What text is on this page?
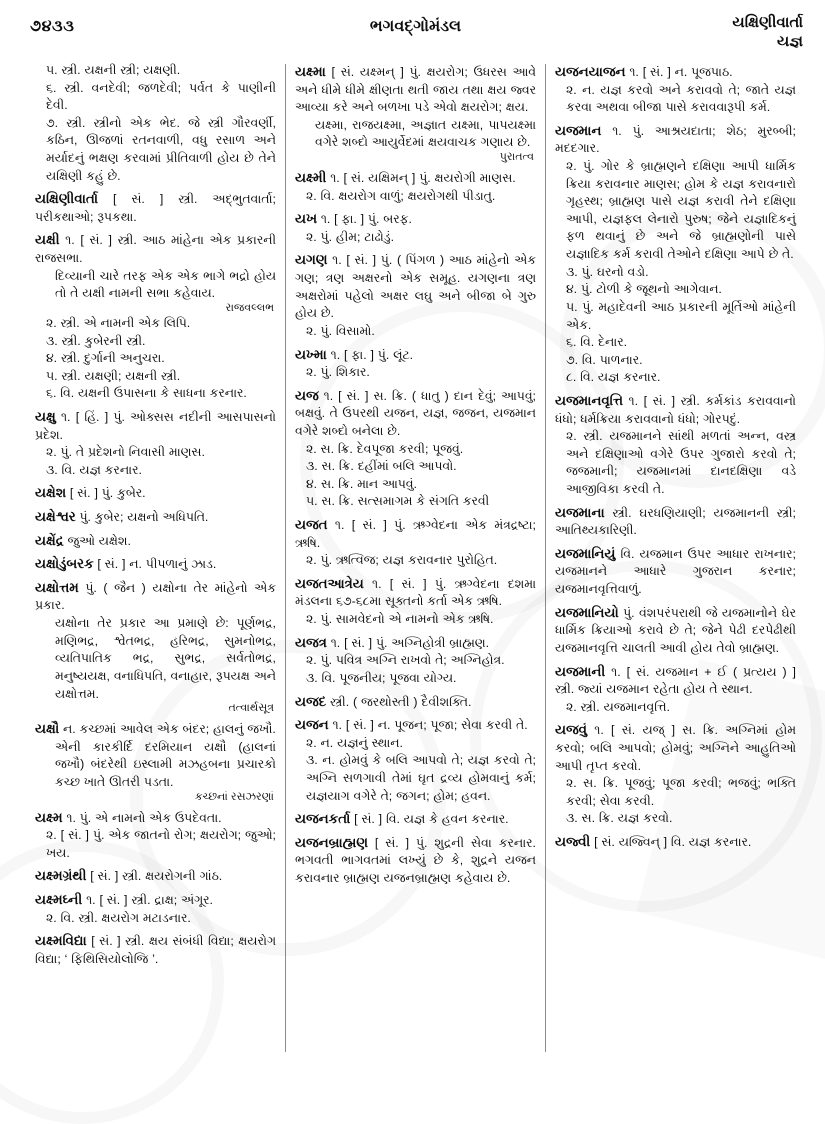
૭૪૩૩	ભગવદ્ગોમંડલ	યક્ષિણીવાર્તા
યજ્ઞ

૫. સ્ત્રી. યક્ષની સ્ત્રી; યક્ષણી.

૬. સ્ત્રી. વનદેવી; જળદેવી; પર્વત કે પાણીની દેવી.

૭. સ્ત્રી. સ્ત્રીનો એક ભેદ. જે સ્ત્રી ગૌરવર્ણી, કઠિન, ઊજળાં રતનવાળી, વધુ રસાળ અને મર્યાદનું ભક્ષણ કરવામાં પ્રીતિવાળી હોય છે તેને યક્ષિણી કહું છે.

યક્ષિણીવાર્તા [ સં. ] સ્ત્રી. અદ્ભુતવાર્તા; પરીકથાઓ; રૂપકથા.

યક્ષી ૧. [ સં. ] સ્ત્રી. આઠ માંહેના એક પ્રકારની રાજસભા.

દિવ્યાની ચારે તરફ એક એક ભાગે ભદ્રો હોય તો તે યક્ષી નામની સભા કહેવાય.

રાજવલ્લભ

૨. સ્ત્રી. એ નામની એક લિપિ.

૩. સ્ત્રી. કુબેરની સ્ત્રી.

૪. સ્ત્રી. દુર્ગાની અનુચરા.

૫. સ્ત્રી. યક્ષણી; યક્ષની સ્ત્રી.

૬. વિ. યક્ષની ઉપાસના કે સાધના કરનાર.

યક્ષુ ૧. [ હિં. ] પું. ઓક્સસ નદીની આસપાસનો પ્રદેશ.

૨. પું. તે પ્રદેશનો નિવાસી માણસ.

૩. વિ. યજ્ઞ કરનાર.

યક્ષેશ [ સં. ] પું. કુબેર.

યક્ષેશ્વર પું. કુબેર; યક્ષનો અધિપતિ.

યક્ષેંદ્ર જુઓ યક્ષેશ.

યક્ષોડુંબરક [ સં. ] ન. પીપળાનું ઝાડ.

યક્ષોત્તમ પું. ( જૈન ) યક્ષોના તેર માંહેનો એક પ્રકાર.

યક્ષોના તેર પ્રકાર આ પ્રમાણે છે: પૂર્ણભદ્ર, મણિભદ્ર, શ્વેતભદ્ર, હરિભદ્ર, સુમનોભદ્ર, વ્યતિપાતિક ભદ્ર, સુભદ્ર, સર્વતોભદ્ર, મનુષ્યયક્ષ, વનાધિપતિ, વનાહાર, રૂપયક્ષ અને યક્ષોત્તમ.

તત્વાર્થસૂત્ર

યક્ષૌ ન. કચ્છમાં આવેલ એક બંદર; હાલનું જખૌ.

એની કારકીર્દિ દરમિયાન યક્ષૌ (હાલનાં જખૌ) બંદરેથી ઇસ્લામી મઝહબના પ્રચારકો કચ્છ ખાતે ઊતરી પડતા.

કચ્છનાં રસઝરણાં

યક્ષ્મ ૧. પું. એ નામનો એક ઉપદેવતા.

૨. [ સં. ] પું. એક જાતનો રોગ; ક્ષયરોગ; જુઓ; ખય.

યક્ષ્મગ્રંથી [ સં. ] સ્ત્રી. ક્ષયરોગની ગાંઠ.

યક્ષ્મઘ્ની ૧. [ સં. ] સ્ત્રી. દ્રાક્ષ; અંગૂર.

૨. વિ. સ્ત્રી. ક્ષયરોગ મટાડનાર.

યક્ષ્મવિદ્યા [ સં. ] સ્ત્રી. ક્ષય સંબંધી વિદ્યા; ક્ષયરોગ વિદ્યા; ‘ ફિથિસિયોલોજિ ’.

યક્ષ્મા [ સં. યક્ષ્મન્ ] પું. ક્ષયરોગ; ઉધરસ આવે અને ધીમે ધીમે ક્ષીણતા થતી જાય તથા ક્ષય જ્વર આવ્યા કરે અને બળખા પડે એવો ક્ષયરોગ; ક્ષય.

યક્ષ્મા, રાજયક્ષ્મા, અજ્ઞાત યક્ષ્મા, પાપયક્ષ્મા વગેરે શબ્દો આયુર્વેદમાં ક્ષયવાચક ગણાય છે.

પુરાતત્વ

યક્ષ્મી ૧. [ સં. યક્ષિમન્ ] પું. ક્ષયરોગી માણસ.

૨. વિ. ક્ષયરોગ વાળું; ક્ષયરોગથી પીડાતુ.

યખ ૧. [ ફા. ] પું. બરફ.

૨. પું. હીમ; ટાઢોડું.

યગણ ૧. [ સં. ] પું. ( પિંગળ ) આઠ માંહેનો એક ગણ; ત્રણ અક્ષરનો એક સમૂહ. યગણના ત્રણ અક્ષરોમાં પહેલો અક્ષર લઘુ અને બીજા બે ગુરુ હોય છે.

૨. પું. વિસામો.

યખ્મા ૧. [ ફા. ] પું. લૂંટ.

૨. પું. શિકાર.

યજ ૧. [ સં. ] સ. ક્રિ. ( ધાતુ ) દાન દેવું; આપવું; બક્ષવું. તે ઉપરથી યજન, યજ્ઞ, જજન, યજમાન વગેરે શબ્દો બનેલા છે.

૨. સ. ક્રિ. દેવપૂજા કરવી; પૂજવું.

૩. સ. ક્રિ. દહીંમાં બલિ આપવો.

૪. સ. ક્રિ. માન આપવું.

૫. સ. ક્રિ. સત્સમાગમ કે સંગતિ કરવી

યજત ૧. [ સં. ] પું. ઋગ્વેદના એક મંત્રદ્રષ્ટા; ઋષિ.

૨. પું. ઋત્વિજ; યજ્ઞ કરાવનાર પુરોહિત.

યજતઆત્રેય ૧. [ સં. ] પું. ઋગ્વેદના દશમા મંડલના ૬૭-૬૮મા સૂક્તનો કર્તા એક ઋષિ.

૨. પું. સામવેદનો એ નામનો એક ઋષિ.

યજત્ર ૧. [ સં. ] પું. અગ્નિહોત્રી બ્રાહ્મણ.

૨. પું. પવિત્ર અગ્નિ રાખવો તે; અગ્નિહોત્ર.

૩. વિ. પૂજનીય; પૂજવા યોગ્ય.

યજદ સ્ત્રી. ( જરથોસ્તી ) દૈવીશક્તિ.

યજન ૧. [ સં. ] ન. પૂજન; પૂજા; સેવા કરવી તે.

૨. ન. યજ્ઞનું સ્થાન.

૩. ન. હોમવું કે બલિ આપવો તે; યજ્ઞ કરવો તે; અગ્નિ સળગાવી તેમાં ઘૃત દ્રવ્ય હોમવાનું કર્મ; યજ્ઞયાગ વગેરે તે; જગન; હોમ; હવન.

યજનકર્તા [ સં. ] વિ. યજ્ઞ કે હવન કરનાર.

યજનબ્રાહ્મણ [ સં. ] પું. શુદ્રની સેવા કરનાર. ભગવતી ભાગવતમાં લખ્યું છે કે, શુદ્રને યજન કરાવનાર બ્રાહ્મણ યજનબ્રાહ્મણ કહેવાય છે.

યજનયાજન ૧. [ સં. ] ન. પૂજપાઠ.

૨. ન. યજ્ઞ કરવો અને કરાવવો તે; જાતે યજ્ઞ કરવા અથવા બીજા પાસે કરાવવારૂપી કર્મ.

યજમાન ૧. પું. આશ્રયદાતા; શેઠ; મુરબ્બી; મદદગાર.

૨. પું. ગોર કે બ્રાહ્મણને દક્ષિણા આપી ધાર્મિક ક્રિયા કરાવનાર માણસ; હોમ કે યજ્ઞ કરાવનારો ગૃહસ્થ; બ્રાહ્મણ પાસે યજ્ઞ કરાવી તેને દક્ષિણા આપી, યજ્ઞફલ લેનારો પુરુષ; જેને યજ્ઞાદિકનું ફળ થવાનું છે અને જે બ્રાહ્મણોની પાસે યજ્ઞાદિક કર્મ કરાવી તેઓને દક્ષિણા આપે છે તે.

૩. પું. ઘરનો વડો.

૪. પું. ટોળી કે જૂથનો આગેવાન.

૫. પું. મહાદેવની આઠ પ્રકારની મૂર્તિઓ માંહેની એક.

૬. વિ. દેનાર.

૭. વિ. પાળનાર.

૮. વિ. યજ્ઞ કરનાર.

યજમાનવૃત્તિ ૧. [ સં. ] સ્ત્રી. કર્મકાંડ કરાવવાનો ધંધો; ધર્મક્રિયા કરાવવાનો ધંધો; ગોરપદું.

૨. સ્ત્રી. યજમાનને સાંથી મળતાં અન્ન, વસ્ત્ર અને દક્ષિણાઓ વગેરે ઉપર ગુજારો કરવો તે; જજમાની; યજમાનમાં દાનદક્ષિણા વડે આજીવિકા કરવી તે.

યજમાના સ્ત્રી. ઘરધણિયાણી; યજમાનની સ્ત્રી; આતિથ્યકારિણી.

યજમાનિયું વિ. યજમાન ઉપર આધાર રાખનાર; યજમાનને આધારે ગુજરાન કરનાર; યજમાનવૃત્તિવાળું.

યજમાનિયો પું. વંશપરંપરાથી જે યજમાનોને ઘેર ધાર્મિક ક્રિયાઓ કરાવે છે તે; જેને પેઢી દરપેઢીથી યજમાનવૃત્તિ ચાલતી આવી હોય તેવો બ્રાહ્મણ.

યજમાની ૧. [ સં. યજમાન + ઈ ( પ્રત્યય ) ] સ્ત્રી. જ્યાં યજમાન રહેતા હોય તે સ્થાન.

૨. સ્ત્રી. યજમાનવૃત્તિ.

યજવું ૧. [ સં. યજ્ ] સ. ક્રિ. અગ્નિમાં હોમ કરવો; બલિ આપવો; હોમવું; અગ્નિને આહુતિઓ આપી તૃપ્ત કરવો.

૨. સ. ક્રિ. પૂજવું; પૂજા કરવી; ભજવું; ભક્તિ કરવી; સેવા કરવી.

૩. સ. ક્રિ. યજ્ઞ કરવો.

યજ્વી [ સં. યજ્વિન્ ] વિ. યજ્ઞ કરનાર.
